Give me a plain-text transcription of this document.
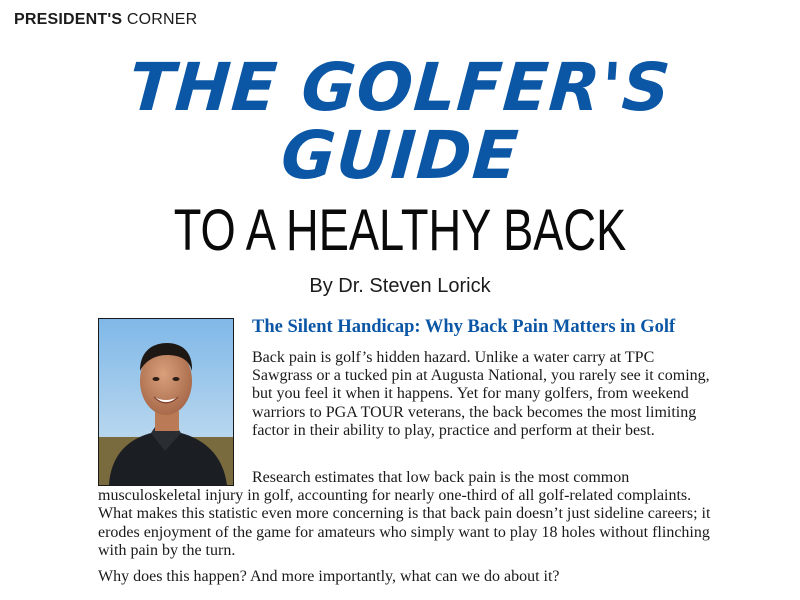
PRESIDENT'S CORNER
THE GOLFER'S
GUIDE
TO A HEALTHY BACK
By Dr. Steven Lorick
The Silent Handicap: Why Back Pain Matters in Golf

Back pain is golf’s hidden hazard. Unlike a water carry at TPC Sawgrass or a tucked pin at Augusta National, you rarely see it coming, but you feel it when it happens. Yet for many golfers, from weekend warriors to PGA TOUR veterans, the back becomes the most limiting factor in their ability to play, practice and perform at their best.

Research estimates that low back pain is the most common musculoskeletal injury in golf, accounting for nearly one-third of all golf-related complaints. What makes this statistic even more concerning is that back pain doesn’t just sideline careers; it erodes enjoyment of the game for amateurs who simply want to play 18 holes without flinching with pain by the turn.

Why does this happen? And more importantly, what can we do about it?
